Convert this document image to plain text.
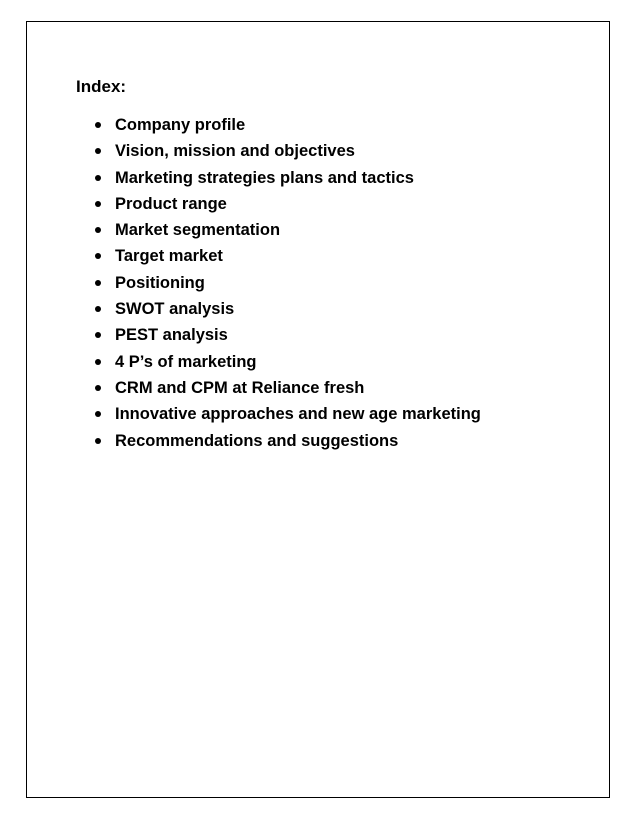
Index:
Company profile
Vision, mission and objectives
Marketing strategies plans and tactics
Product range
Market segmentation
Target market
Positioning
SWOT analysis
PEST analysis
4 P’s of marketing
CRM and CPM at Reliance fresh
Innovative approaches and new age marketing
Recommendations and suggestions
